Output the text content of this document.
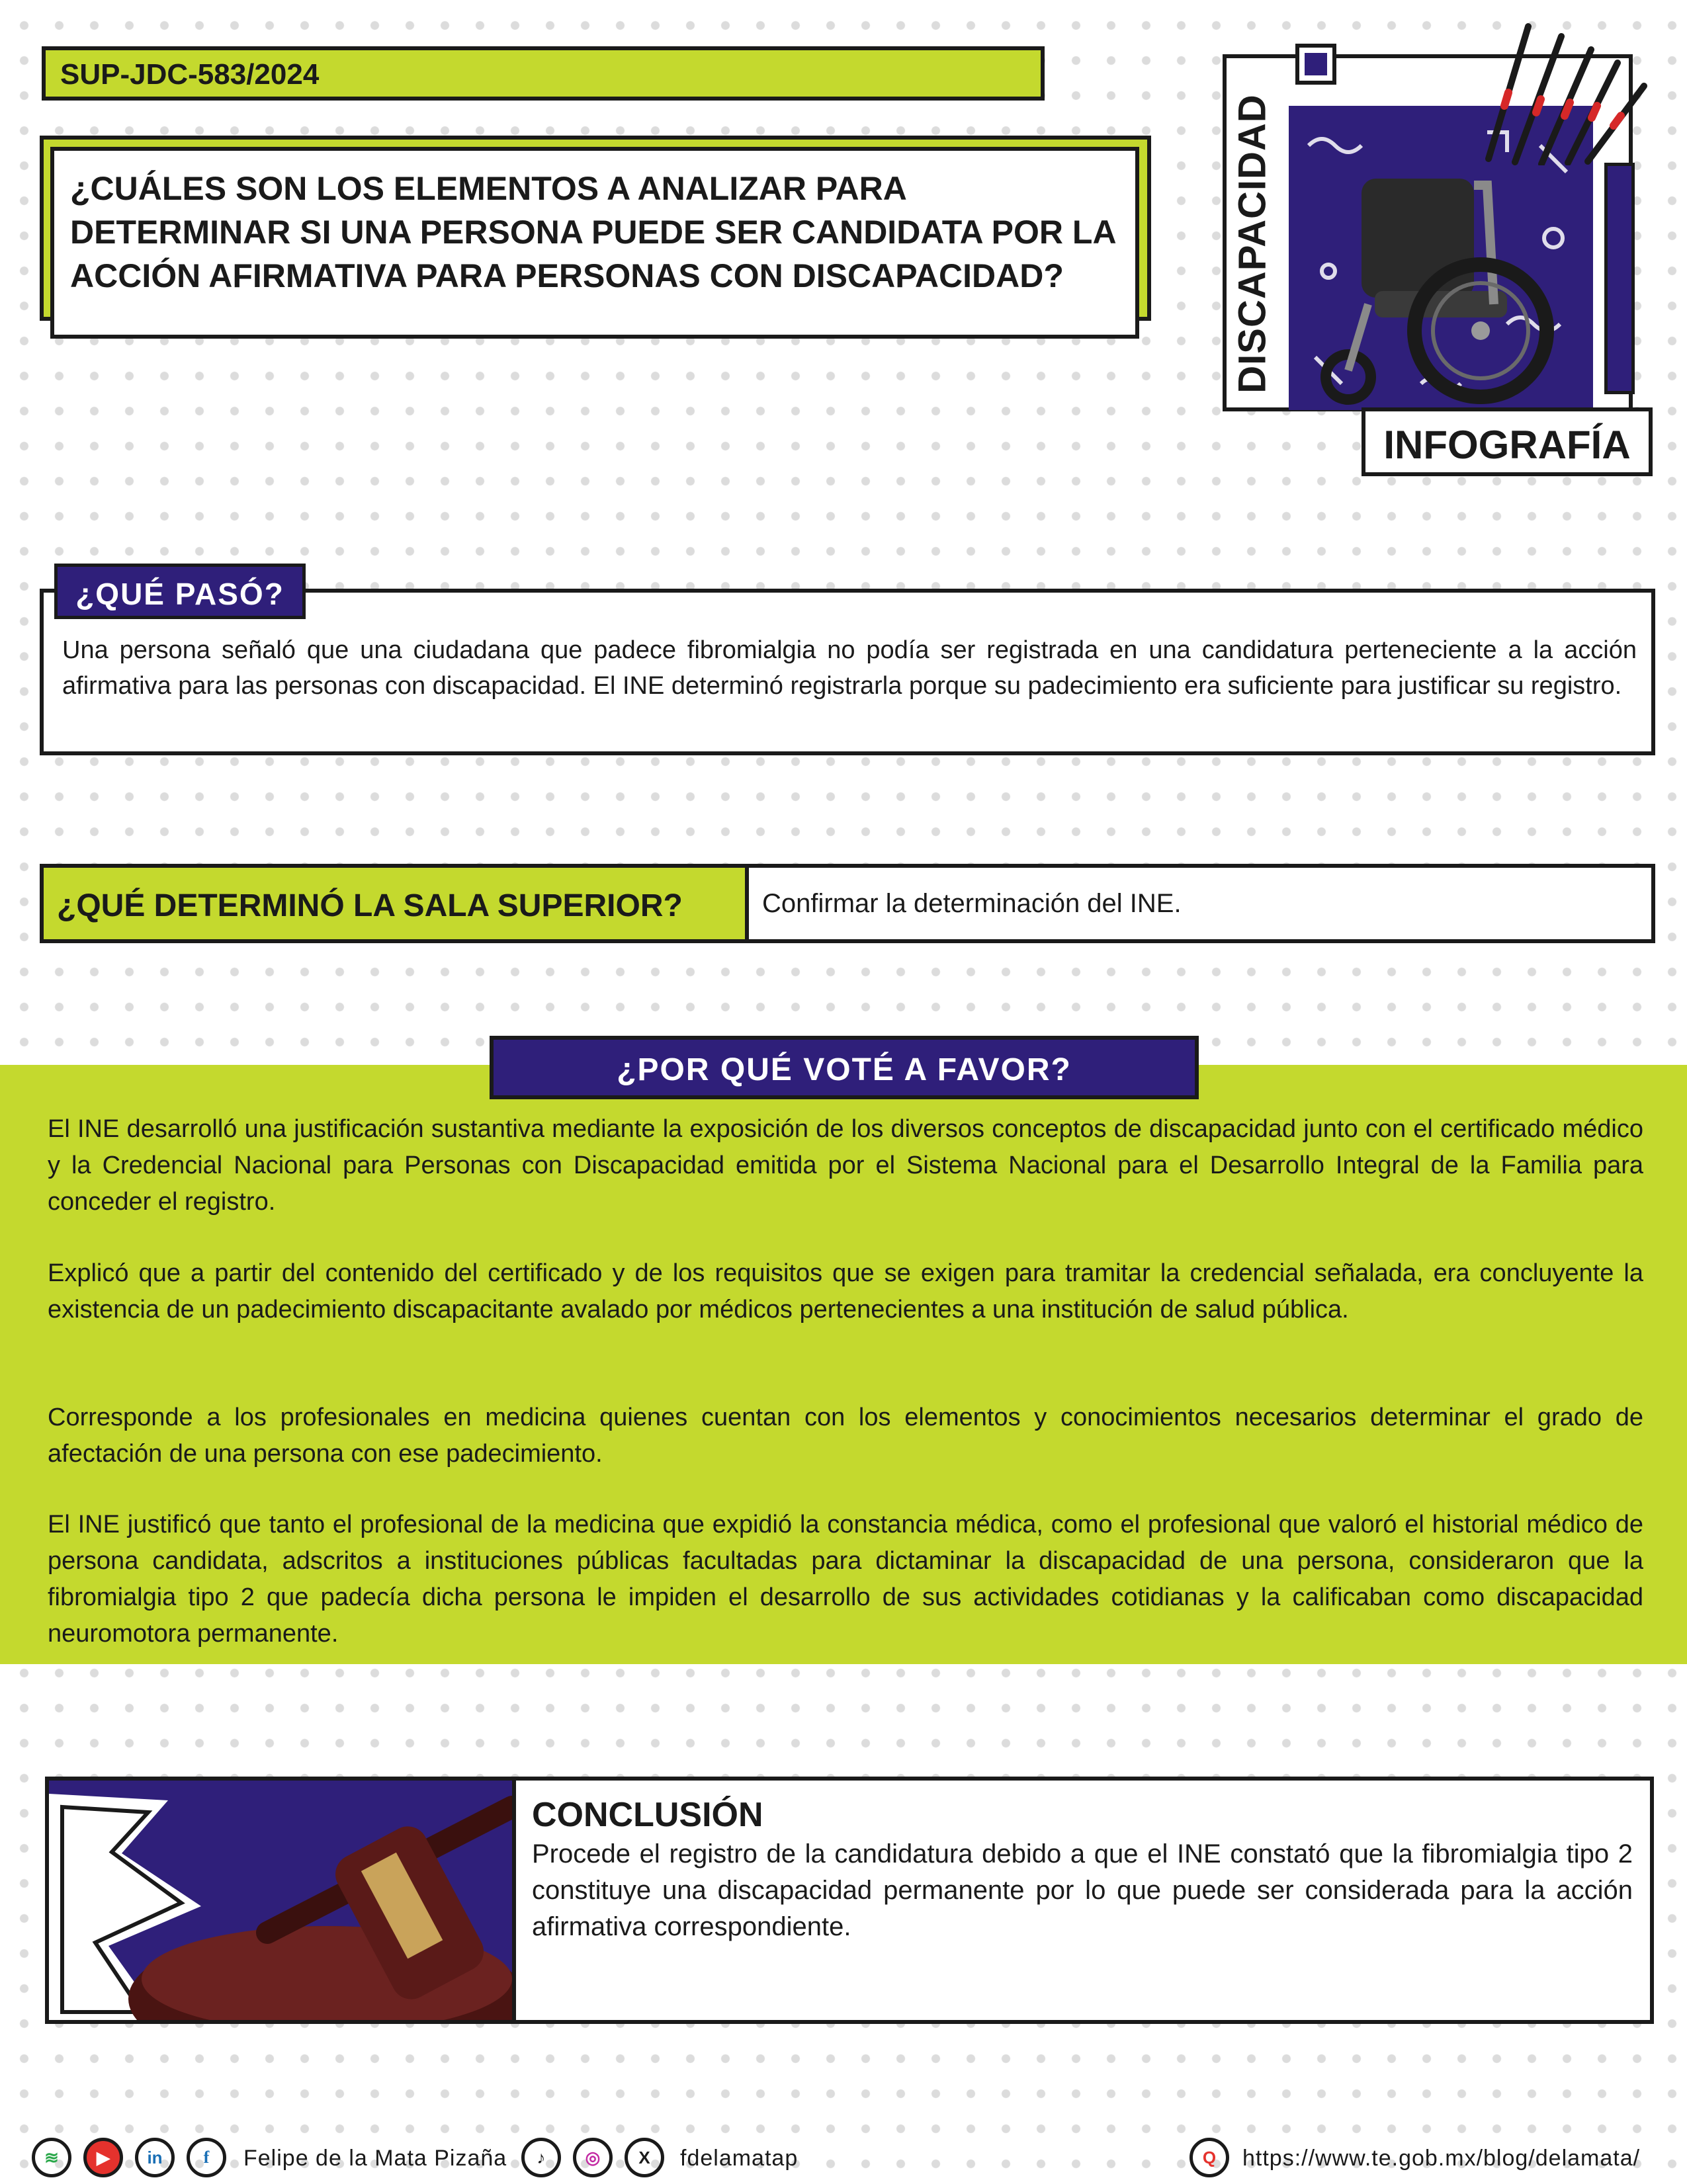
SUP-JDC-583/2024
¿CUÁLES SON LOS ELEMENTOS A ANALIZAR PARA DETERMINAR SI UNA PERSONA PUEDE SER CANDIDATA POR LA ACCIÓN AFIRMATIVA PARA PERSONAS CON DISCAPACIDAD?	DISCAPACIDAD
INFOGRAFÍA
Una persona señaló que una ciudadana que padece fibromialgia no podía ser registrada en una candidatura perteneciente a la acción afirmativa para las personas con discapacidad. El INE determinó registrarla porque su padecimiento era suficiente para justificar su registro.
¿QUÉ PASÓ?
¿QUÉ DETERMINÓ LA SALA SUPERIOR?	Confirmar la determinación del INE.
El INE desarrolló una justificación sustantiva mediante la exposición de los diversos conceptos de discapacidad junto con el certificado médico y la Credencial Nacional para Personas con Discapacidad emitida por el Sistema Nacional para el Desarrollo Integral de la Familia para conceder el registro.
Explicó que a partir del contenido del certificado y de los requisitos que se exigen para tramitar la credencial señalada, era concluyente la existencia de un padecimiento discapacitante avalado por médicos pertenecientes a una institución de salud pública.
Corresponde a los profesionales en medicina quienes cuentan con los elementos y conocimientos necesarios determinar el grado de afectación de una persona con ese padecimiento.
El INE justificó que tanto el profesional de la medicina que expidió la constancia médica, como el profesional que valoró el historial médico de persona candidata, adscritos a instituciones públicas facultadas para dictaminar la discapacidad de una persona, consideraron que la fibromialgia tipo 2 que padecía dicha persona le impiden el desarrollo de sus actividades cotidianas y la calificaban como discapacidad neuromotora permanente.
¿POR QUÉ VOTÉ A FAVOR?
CONCLUSIÓN
Procede el registro de la candidatura debido a que el INE constató que la fibromialgia tipo 2 constituye una discapacidad permanente por lo que puede ser considerada para la acción afirmativa correspondiente.
≋	▶	in	f	Felipe de la Mata Pizaña	♪	◎	X	fdelamatap	Q	https://www.te.gob.mx/blog/delamata/
